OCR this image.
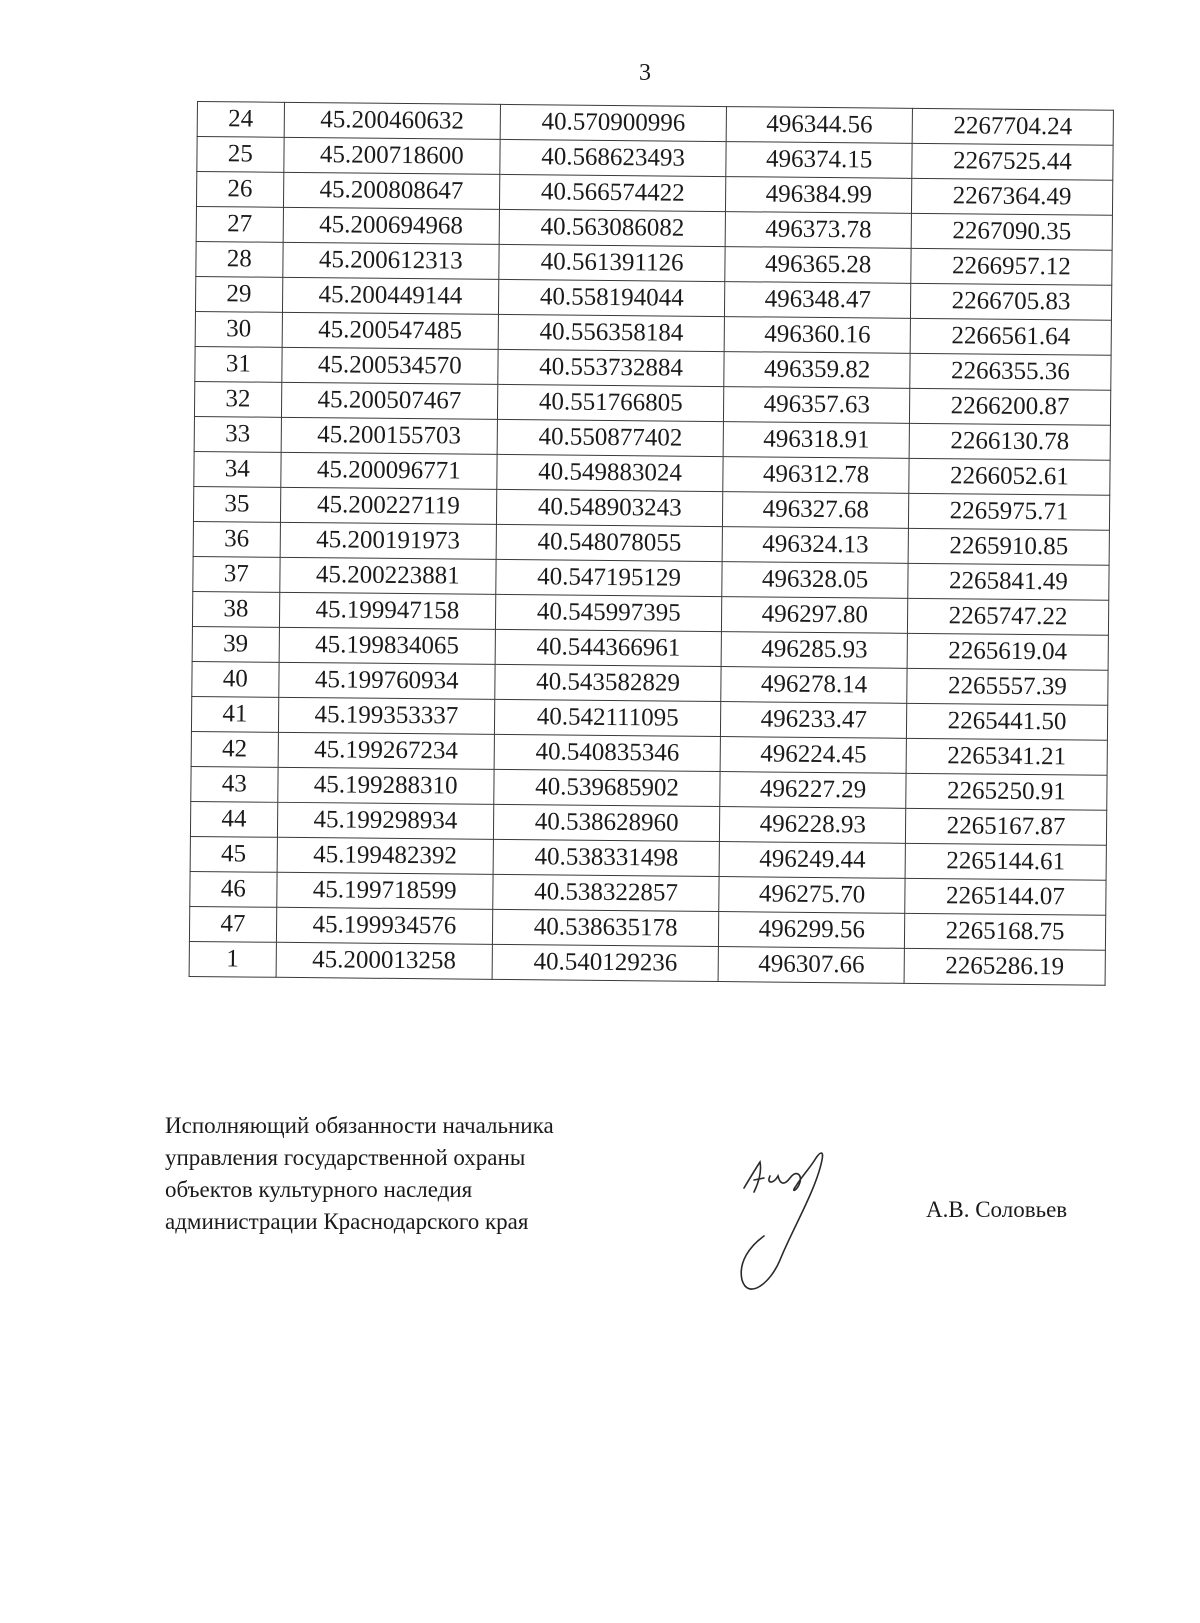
3
24	45.200460632	40.570900996	496344.56	2267704.24
25	45.200718600	40.568623493	496374.15	2267525.44
26	45.200808647	40.566574422	496384.99	2267364.49
27	45.200694968	40.563086082	496373.78	2267090.35
28	45.200612313	40.561391126	496365.28	2266957.12
29	45.200449144	40.558194044	496348.47	2266705.83
30	45.200547485	40.556358184	496360.16	2266561.64
31	45.200534570	40.553732884	496359.82	2266355.36
32	45.200507467	40.551766805	496357.63	2266200.87
33	45.200155703	40.550877402	496318.91	2266130.78
34	45.200096771	40.549883024	496312.78	2266052.61
35	45.200227119	40.548903243	496327.68	2265975.71
36	45.200191973	40.548078055	496324.13	2265910.85
37	45.200223881	40.547195129	496328.05	2265841.49
38	45.199947158	40.545997395	496297.80	2265747.22
39	45.199834065	40.544366961	496285.93	2265619.04
40	45.199760934	40.543582829	496278.14	2265557.39
41	45.199353337	40.542111095	496233.47	2265441.50
42	45.199267234	40.540835346	496224.45	2265341.21
43	45.199288310	40.539685902	496227.29	2265250.91
44	45.199298934	40.538628960	496228.93	2265167.87
45	45.199482392	40.538331498	496249.44	2265144.61
46	45.199718599	40.538322857	496275.70	2265144.07
47	45.199934576	40.538635178	496299.56	2265168.75
1	45.200013258	40.540129236	496307.66	2265286.19
Исполняющий обязанности начальника
управления государственной охраны
объектов культурного наследия
администрации Краснодарского края	А.В. Соловьев
